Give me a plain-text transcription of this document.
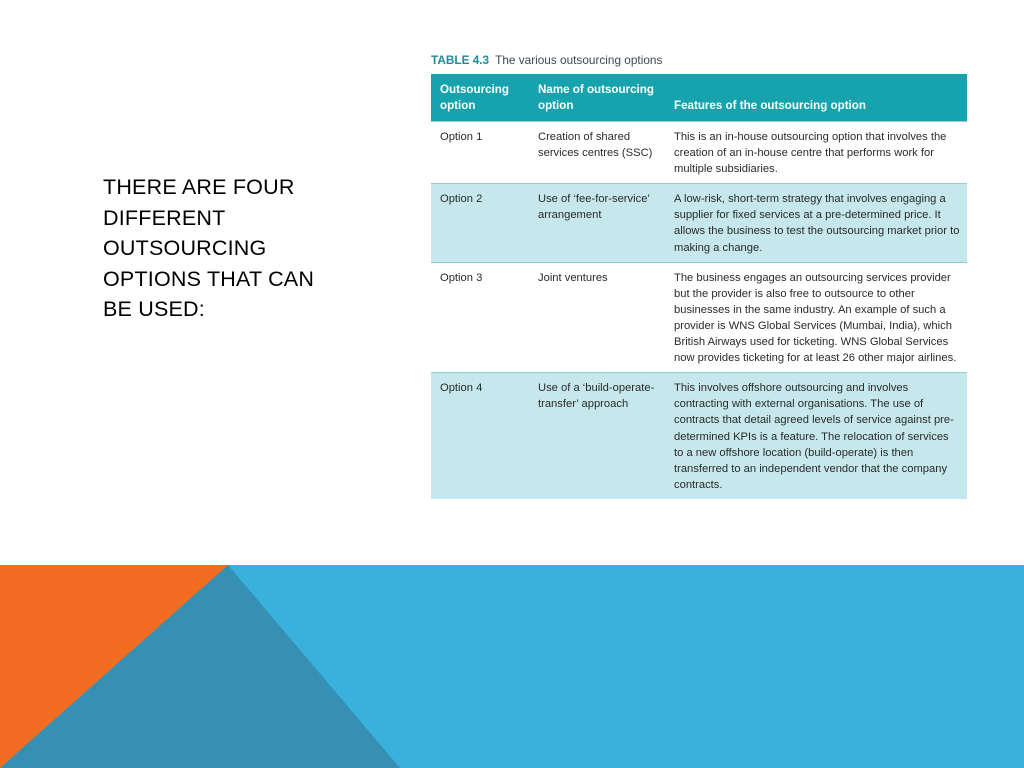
THERE ARE FOUR DIFFERENT OUTSOURCING OPTIONS THAT CAN BE USED:
TABLE 4.3 The various outsourcing options
Outsourcing option	Name of outsourcing option	Features of the outsourcing option
Option 1	Creation of shared services centres (SSC)	This is an in-house outsourcing option that involves the creation of an in-house centre that performs work for multiple subsidiaries.
Option 2	Use of ‘fee-for-service’ arrangement	A low-risk, short-term strategy that involves engaging a supplier for fixed services at a pre-determined price. It allows the business to test the outsourcing market prior to making a change.
Option 3	Joint ventures	The business engages an outsourcing services provider but the provider is also free to outsource to other businesses in the same industry. An example of such a provider is WNS Global Services (Mumbai, India), which British Airways used for ticketing. WNS Global Services now provides ticketing for at least 26 other major airlines.
Option 4	Use of a ‘build-operate-transfer’ approach	This involves offshore outsourcing and involves contracting with external organisations. The use of contracts that detail agreed levels of service against pre-determined KPIs is a feature. The relocation of services to a new offshore location (build-operate) is then transferred to an independent vendor that the company contracts.
